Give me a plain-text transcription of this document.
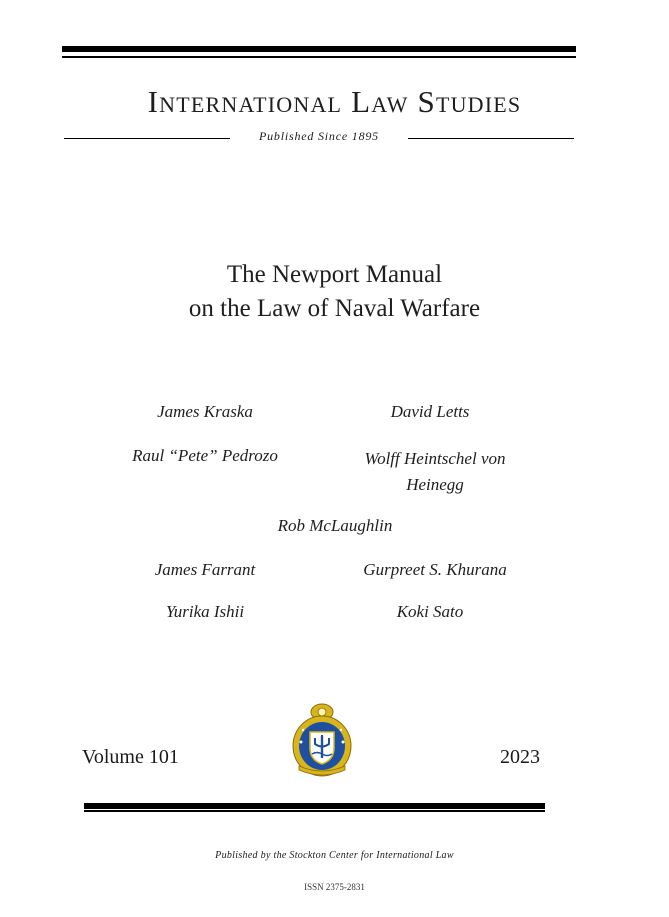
International Law Studies
Published Since 1895
The Newport Manual
on the Law of Naval Warfare
James Kraska	David Letts
Raul “Pete” Pedrozo	Wolff Heintschel von Heinegg
Rob McLaughlin
James Farrant	Gurpreet S. Khurana
Yurika Ishii	Koki Sato
Volume 101	2023
Published by the Stockton Center for International Law
ISSN 2375-2831
